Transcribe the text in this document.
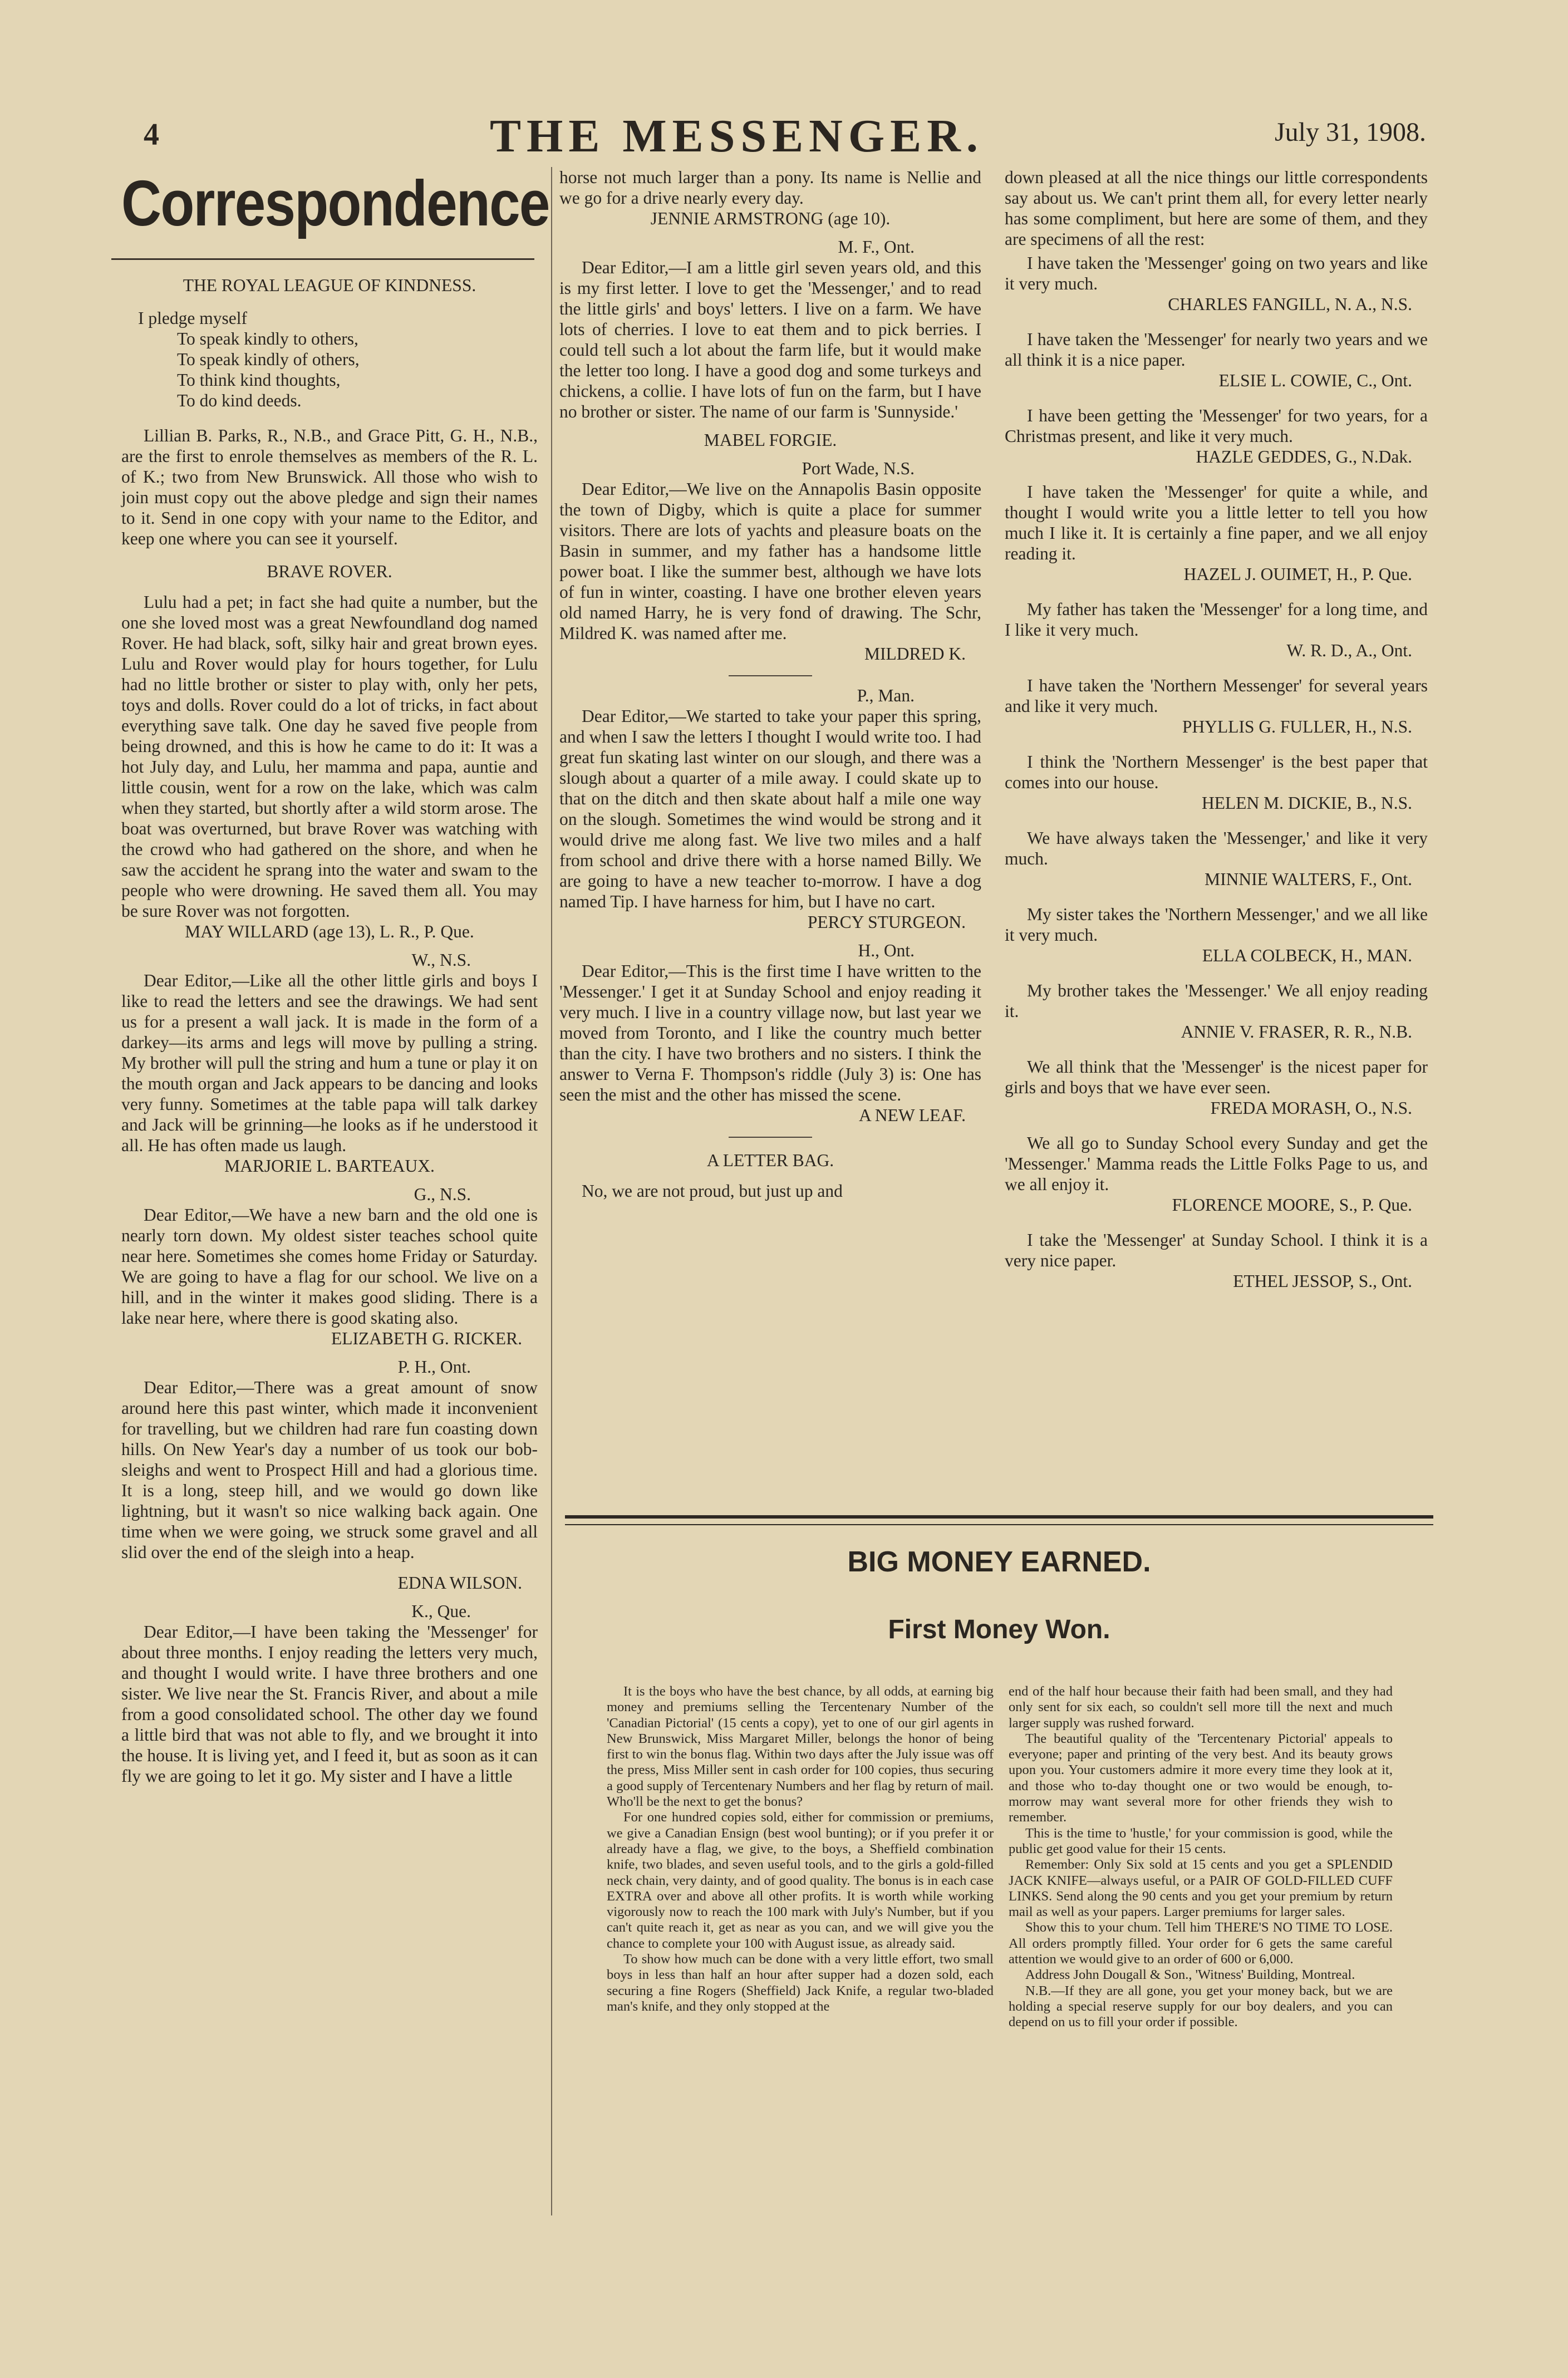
4	THE MESSENGER.	July 31, 1908.
Correspondence
THE ROYAL LEAGUE OF KINDNESS.
I pledge myself
To speak kindly to others,
To speak kindly of others,
To think kind thoughts,
To do kind deeds.

Lillian B. Parks, R., N.B., and Grace Pitt, G. H., N.B., are the first to enrole themselves as members of the R. L. of K.; two from New Brunswick. All those who wish to join must copy out the above pledge and sign their names to it. Send in one copy with your name to the Editor, and keep one where you can see it yourself.

BRAVE ROVER.

Lulu had a pet; in fact she had quite a number, but the one she loved most was a great Newfoundland dog named Rover. He had black, soft, silky hair and great brown eyes. Lulu and Rover would play for hours together, for Lulu had no little brother or sister to play with, only her pets, toys and dolls. Rover could do a lot of tricks, in fact about everything save talk. One day he saved five people from being drowned, and this is how he came to do it: It was a hot July day, and Lulu, her mamma and papa, auntie and little cousin, went for a row on the lake, which was calm when they started, but shortly after a wild storm arose. The boat was overturned, but brave Rover was watching with the crowd who had gathered on the shore, and when he saw the accident he sprang into the water and swam to the people who were drowning. He saved them all. You may be sure Rover was not forgotten.

MAY WILLARD (age 13), L. R., P. Que.
W., N.S.

Dear Editor,—Like all the other little girls and boys I like to read the letters and see the drawings. We had sent us for a present a wall jack. It is made in the form of a darkey—its arms and legs will move by pulling a string. My brother will pull the string and hum a tune or play it on the mouth organ and Jack appears to be dancing and looks very funny. Sometimes at the table papa will talk darkey and Jack will be grinning—he looks as if he understood it all. He has often made us laugh.

MARJORIE L. BARTEAUX.
G., N.S.

Dear Editor,—We have a new barn and the old one is nearly torn down. My oldest sister teaches school quite near here. Sometimes she comes home Friday or Saturday. We are going to have a flag for our school. We live on a hill, and in the winter it makes good sliding. There is a lake near here, where there is good skating also.

ELIZABETH G. RICKER.
P. H., Ont.

Dear Editor,—There was a great amount of snow around here this past winter, which made it inconvenient for travelling, but we children had rare fun coasting down hills. On New Year's day a number of us took our bob-sleighs and went to Prospect Hill and had a glorious time. It is a long, steep hill, and we would go down like lightning, but it wasn't so nice walking back again. One time when we were going, we struck some gravel and all slid over the end of the sleigh into a heap.

EDNA WILSON.
K., Que.

Dear Editor,—I have been taking the 'Messenger' for about three months. I enjoy reading the letters very much, and thought I would write. I have three brothers and one sister. We live near the St. Francis River, and about a mile from a good consolidated school. The other day we found a little bird that was not able to fly, and we brought it into the house. It is living yet, and I feed it, but as soon as it can fly we are going to let it go. My sister and I have a little

horse not much larger than a pony. Its name is Nellie and we go for a drive nearly every day.

JENNIE ARMSTRONG (age 10).
M. F., Ont.

Dear Editor,—I am a little girl seven years old, and this is my first letter. I love to get the 'Messenger,' and to read the little girls' and boys' letters. I live on a farm. We have lots of cherries. I love to eat them and to pick berries. I could tell such a lot about the farm life, but it would make the letter too long. I have a good dog and some turkeys and chickens, a collie. I have lots of fun on the farm, but I have no brother or sister. The name of our farm is 'Sunnyside.'

MABEL FORGIE.
Port Wade, N.S.

Dear Editor,—We live on the Annapolis Basin opposite the town of Digby, which is quite a place for summer visitors. There are lots of yachts and pleasure boats on the Basin in summer, and my father has a handsome little power boat. I like the summer best, although we have lots of fun in winter, coasting. I have one brother eleven years old named Harry, he is very fond of drawing. The Schr, Mildred K. was named after me.

MILDRED K.
P., Man.

Dear Editor,—We started to take your paper this spring, and when I saw the letters I thought I would write too. I had great fun skating last winter on our slough, and there was a slough about a quarter of a mile away. I could skate up to that on the ditch and then skate about half a mile one way on the slough. Sometimes the wind would be strong and it would drive me along fast. We live two miles and a half from school and drive there with a horse named Billy. We are going to have a new teacher to-morrow. I have a dog named Tip. I have harness for him, but I have no cart.

PERCY STURGEON.
H., Ont.

Dear Editor,—This is the first time I have written to the 'Messenger.' I get it at Sunday School and enjoy reading it very much. I live in a country village now, but last year we moved from Toronto, and I like the country much better than the city. I have two brothers and no sisters. I think the answer to Verna F. Thompson's riddle (July 3) is: One has seen the mist and the other has missed the scene.

A NEW LEAF.
A LETTER BAG.

No, we are not proud, but just up and

down pleased at all the nice things our little correspondents say about us. We can't print them all, for every letter nearly has some compliment, but here are some of them, and they are specimens of all the rest:

I have taken the 'Messenger' going on two years and like it very much.

CHARLES FANGILL, N. A., N.S.

I have taken the 'Messenger' for nearly two years and we all think it is a nice paper.

ELSIE L. COWIE, C., Ont.

I have been getting the 'Messenger' for two years, for a Christmas present, and like it very much.

HAZLE GEDDES, G., N.Dak.

I have taken the 'Messenger' for quite a while, and thought I would write you a little letter to tell you how much I like it. It is certainly a fine paper, and we all enjoy reading it.

HAZEL J. OUIMET, H., P. Que.

My father has taken the 'Messenger' for a long time, and I like it very much.

W. R. D., A., Ont.

I have taken the 'Northern Messenger' for several years and like it very much.

PHYLLIS G. FULLER, H., N.S.

I think the 'Northern Messenger' is the best paper that comes into our house.

HELEN M. DICKIE, B., N.S.

We have always taken the 'Messenger,' and like it very much.

MINNIE WALTERS, F., Ont.

My sister takes the 'Northern Messenger,' and we all like it very much.

ELLA COLBECK, H., MAN.

My brother takes the 'Messenger.' We all enjoy reading it.

ANNIE V. FRASER, R. R., N.B.

We all think that the 'Messenger' is the nicest paper for girls and boys that we have ever seen.

FREDA MORASH, O., N.S.

We all go to Sunday School every Sunday and get the 'Messenger.' Mamma reads the Little Folks Page to us, and we all enjoy it.

FLORENCE MOORE, S., P. Que.

I take the 'Messenger' at Sunday School. I think it is a very nice paper.

ETHEL JESSOP, S., Ont.
BIG MONEY EARNED.
First Money Won.

It is the boys who have the best chance, by all odds, at earning big money and premiums selling the Tercentenary Number of the 'Canadian Pictorial' (15 cents a copy), yet to one of our girl agents in New Brunswick, Miss Margaret Miller, belongs the honor of being first to win the bonus flag. Within two days after the July issue was off the press, Miss Miller sent in cash order for 100 copies, thus securing a good supply of Tercentenary Numbers and her flag by return of mail. Who'll be the next to get the bonus?

For one hundred copies sold, either for commission or premiums, we give a Canadian Ensign (best wool bunting); or if you prefer it or already have a flag, we give, to the boys, a Sheffield combination knife, two blades, and seven useful tools, and to the girls a gold-filled neck chain, very dainty, and of good quality. The bonus is in each case EXTRA over and above all other profits. It is worth while working vigorously now to reach the 100 mark with July's Number, but if you can't quite reach it, get as near as you can, and we will give you the chance to complete your 100 with August issue, as already said.

To show how much can be done with a very little effort, two small boys in less than half an hour after supper had a dozen sold, each securing a fine Rogers (Sheffield) Jack Knife, a regular two-bladed man's knife, and they only stopped at the

end of the half hour because their faith had been small, and they had only sent for six each, so couldn't sell more till the next and much larger supply was rushed forward.

The beautiful quality of the 'Tercentenary Pictorial' appeals to everyone; paper and printing of the very best. And its beauty grows upon you. Your customers admire it more every time they look at it, and those who to-day thought one or two would be enough, to-morrow may want several more for other friends they wish to remember.

This is the time to 'hustle,' for your commission is good, while the public get good value for their 15 cents.

Remember: Only Six sold at 15 cents and you get a SPLENDID JACK KNIFE—always useful, or a PAIR OF GOLD-FILLED CUFF LINKS. Send along the 90 cents and you get your premium by return mail as well as your papers. Larger premiums for larger sales.

Show this to your chum. Tell him THERE'S NO TIME TO LOSE. All orders promptly filled. Your order for 6 gets the same careful attention we would give to an order of 600 or 6,000.

Address John Dougall & Son., 'Witness' Building, Montreal.

N.B.—If they are all gone, you get your money back, but we are holding a special reserve supply for our boy dealers, and you can depend on us to fill your order if possible.
